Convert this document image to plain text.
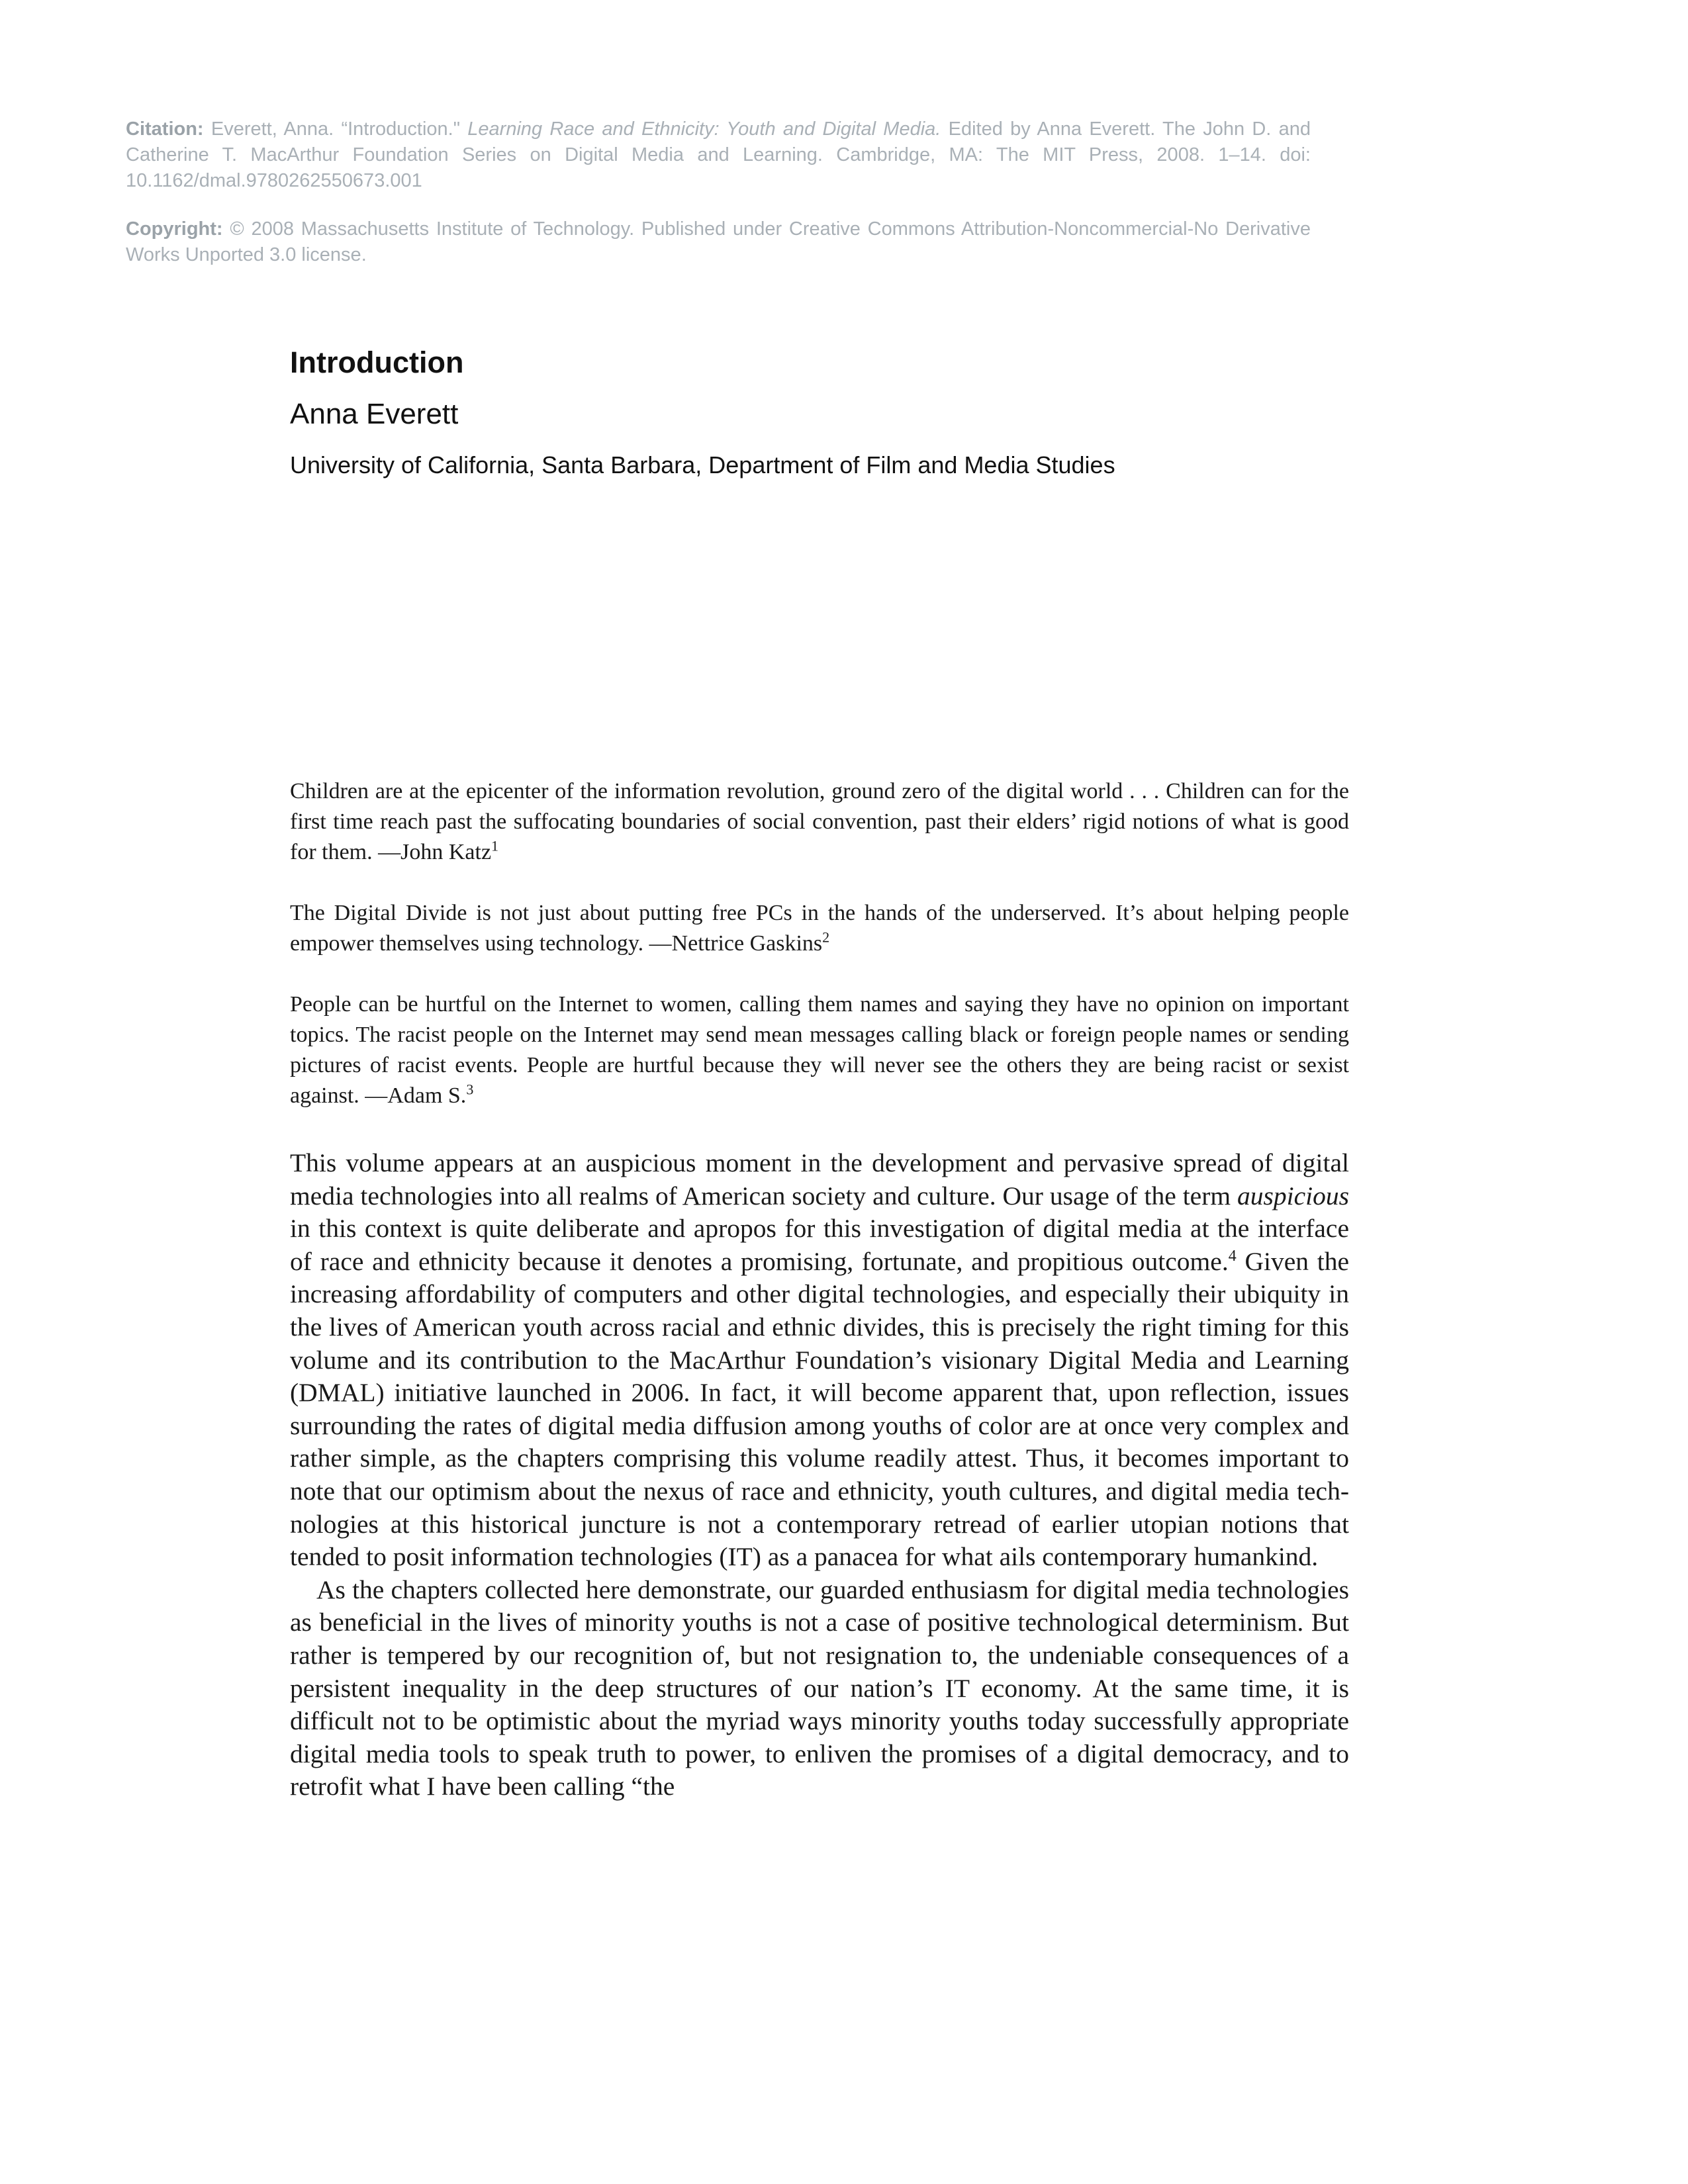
Citation: Everett, Anna. “Introduction." Learning Race and Ethnicity: Youth and Digital Media. Edited by Anna Everett. The John D. and Catherine T. MacArthur Foundation Series on Digital Media and Learning. Cambridge, MA: The MIT Press, 2008. 1–14. doi: 10.1162/dmal.9780262550673.001

Copyright: © 2008 Massachusetts Institute of Technology. Published under Creative Commons Attribution-Noncommercial-No Derivative Works Unported 3.0 license.

Introduction
Anna Everett
University of California, Santa Barbara, Department of Film and Media Studies

Children are at the epicenter of the information revolution, ground zero of the digital world . . . Children can for the first time reach past the suffocating boundaries of social convention, past their elders’ rigid notions of what is good for them. —John Katz$^1$

The Digital Divide is not just about putting free PCs in the hands of the underserved. It’s about helping people empower themselves using technology. —Nettrice Gaskins$^2$

People can be hurtful on the Internet to women, calling them names and saying they have no opinion on important topics. The racist people on the Internet may send mean messages calling black or foreign people names or sending pictures of racist events. People are hurtful because they will never see the others they are being racist or sexist against. —Adam S.$^3$

This volume appears at an auspicious moment in the development and pervasive spread of digital media technologies into all realms of American society and culture. Our usage of the term auspicious in this context is quite deliberate and apropos for this investigation of digital media at the interface of race and ethnicity because it denotes a promising, fortunate, and propitious outcome.$^4$ Given the increasing affordability of computers and other digital technologies, and especially their ubiquity in the lives of American youth across racial and ethnic divides, this is precisely the right timing for this volume and its contribution to the MacArthur Foundation’s visionary Digital Media and Learning (DMAL) initiative launched in 2006. In fact, it will become apparent that, upon reflection, issues surrounding the rates of digital media diffusion among youths of color are at once very complex and rather simple, as the chapters comprising this volume readily attest. Thus, it becomes important to note that our optimism about the nexus of race and ethnicity, youth cultures, and digital media technologies at this historical juncture is not a contemporary retread of earlier utopian notions that tended to posit information technologies (IT) as a panacea for what ails contemporary humankind.

As the chapters collected here demonstrate, our guarded enthusiasm for digital media technologies as beneficial in the lives of minority youths is not a case of positive technological determinism. But rather is tempered by our recognition of, but not resignation to, the undeniable consequences of a persistent inequality in the deep structures of our nation’s IT economy. At the same time, it is difficult not to be optimistic about the myriad ways minority youths today successfully appropriate digital media tools to speak truth to power, to enliven the promises of a digital democracy, and to retrofit what I have been calling “the
